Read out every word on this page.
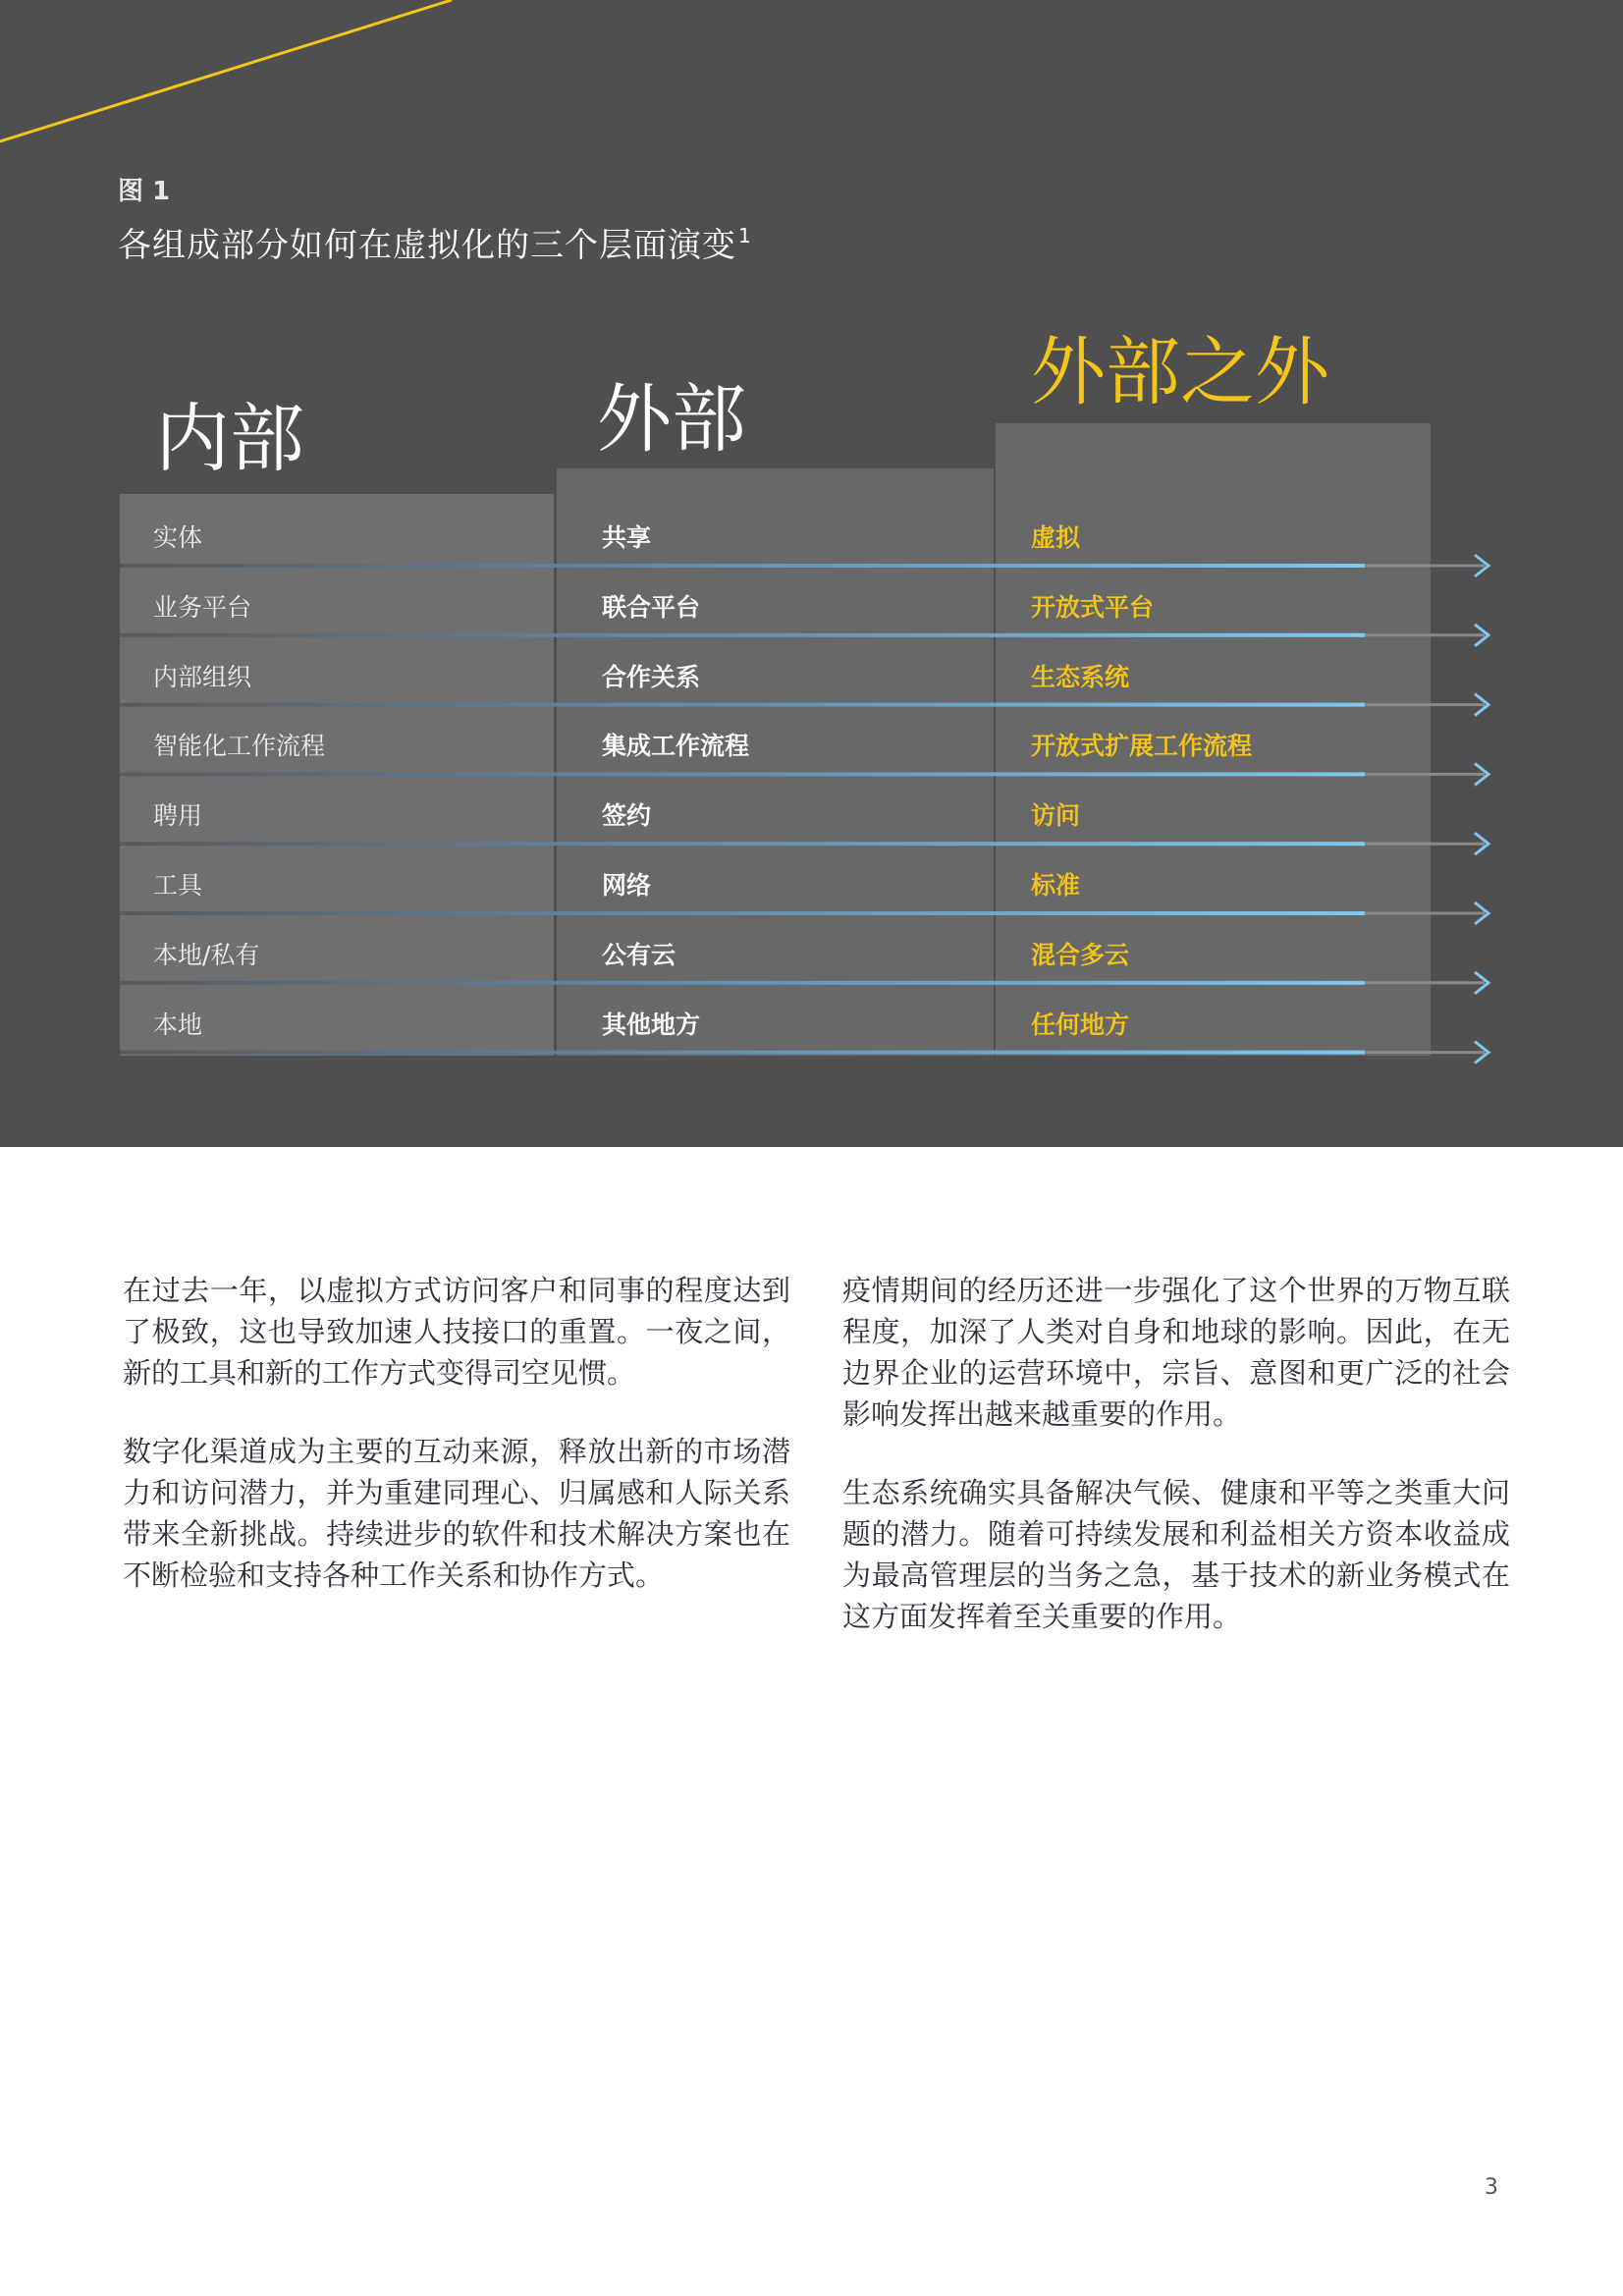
图 1
各组成部分如何在虚拟化的三个层面演变 $^1$
内部	外部
外部之外
实体
业务平台
内部组织
智能化工作流程
聘用
工具
本地/私有
本地
共享
联合平台
合作关系
集成工作流程
签约
网络
公有云
其他地方
虚拟
开放式平台
生态系统
开放式扩展工作流程
访问
标准
混合多云
任何地方

在过去一年，以虚拟方式访问客户和同事的程度达到了极致，这也导致加速人技接口的重置。一夜之间，新的工具和新的工作方式变得司空见惯。

数字化渠道成为主要的互动来源，释放出新的市场潜力和访问潜力，并为重建同理心、归属感和人际关系带来全新挑战。持续进步的软件和技术解决方案也在不断检验和支持各种工作关系和协作方式。

疫情期间的经历还进一步强化了这个世界的万物互联程度，加深了人类对自身和地球的影响。因此，在无边界企业的运营环境中，宗旨、意图和更广泛的社会影响发挥出越来越重要的作用。

生态系统确实具备解决气候、健康和平等之类重大问题的潜力。随着可持续发展和利益相关方资本收益成为最高管理层的当务之急，基于技术的新业务模式在这方面发挥着至关重要的作用。

3
